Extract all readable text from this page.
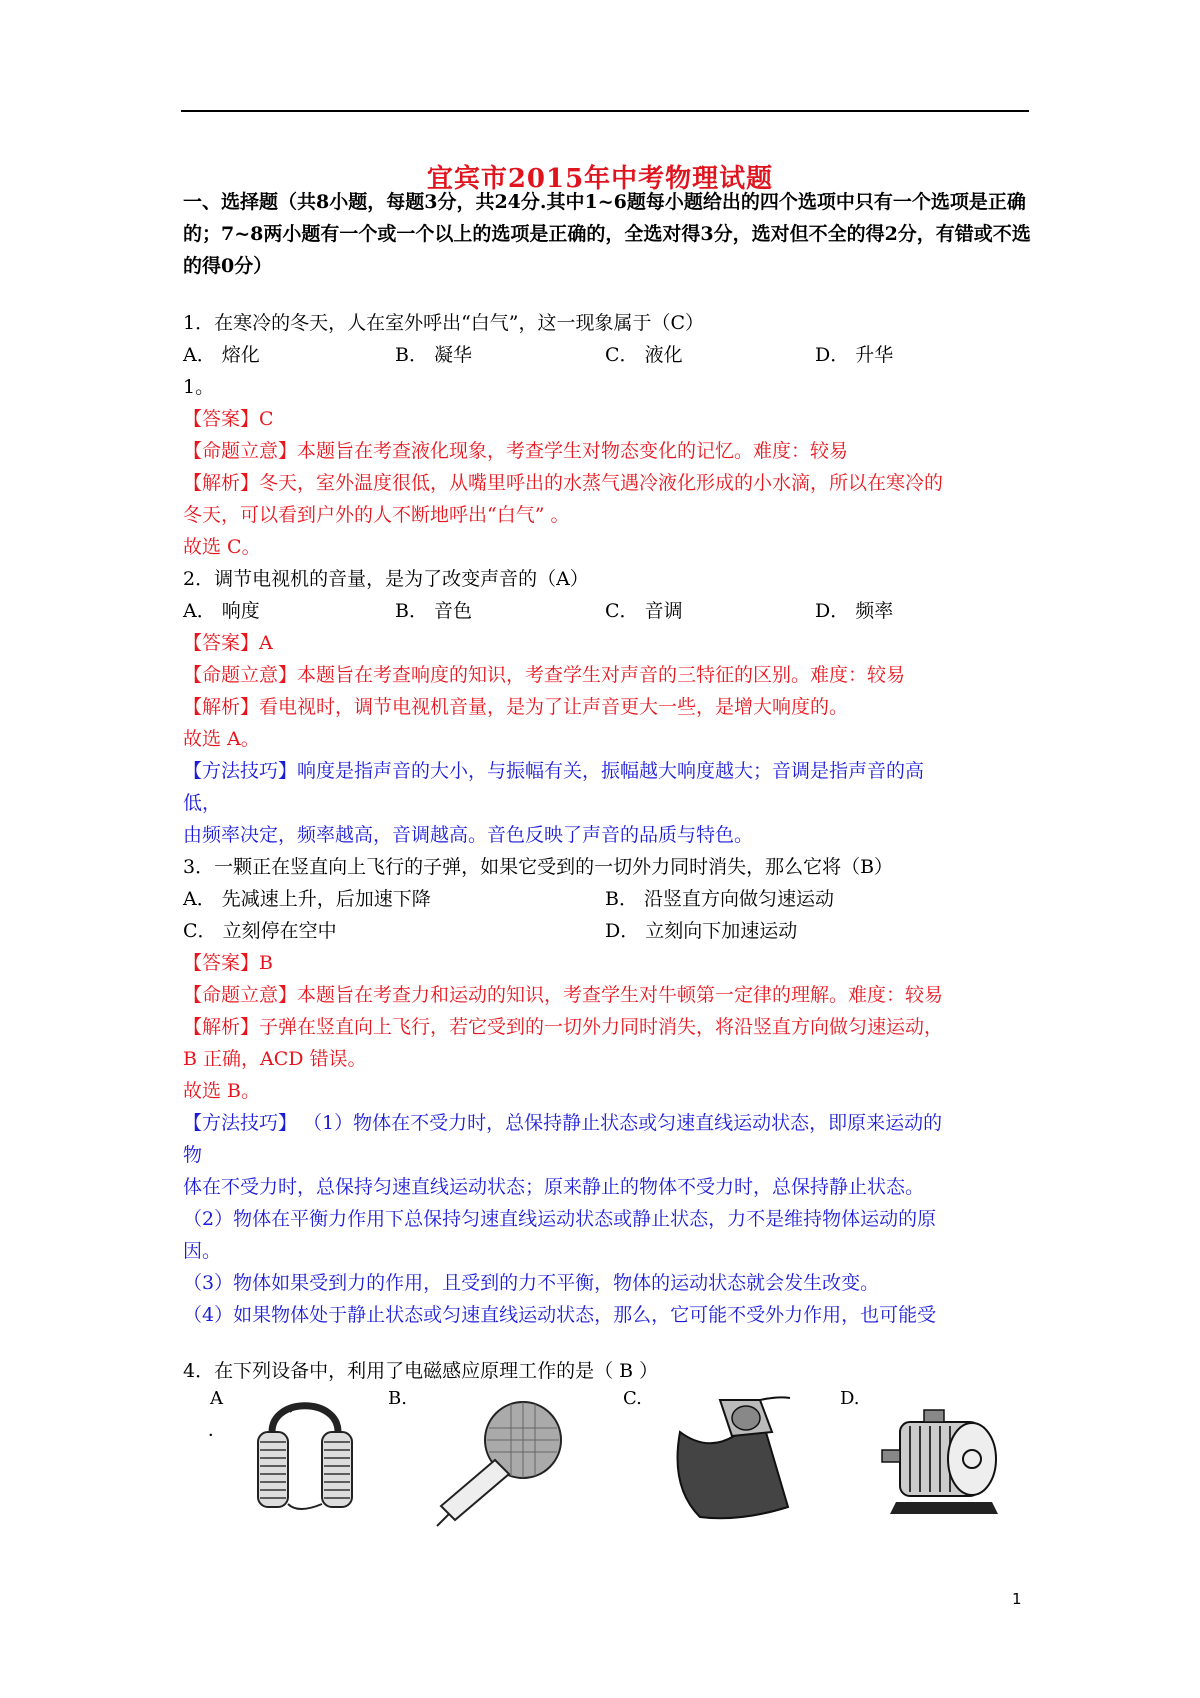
宜宾市2015年中考物理试题
一、选择题（共8小题，每题3分，共24分.其中1~6题每小题给出的四个选项中只有一个选项是正确的；7~8两小题有一个或一个以上的选项是正确的，全选对得3分，选对但不全的得2分，有错或不选的得0分）
1．在寒冷的冬天，人在室外呼出“白气”，这一现象属于（C）
A． 熔化	B． 凝华	C． 液化	D． 升华
1。
【答案】C
【命题立意】本题旨在考查液化现象，考查学生对物态变化的记忆。难度：较易
【解析】冬天，室外温度很低，从嘴里呼出的水蒸气遇冷液化形成的小水滴，所以在寒冷的
冬天，可以看到户外的人不断地呼出“白气” 。
故选 C。
2．调节电视机的音量，是为了改变声音的（A）
A． 响度	B． 音色	C． 音调	D． 频率
【答案】A
【命题立意】本题旨在考查响度的知识，考查学生对声音的三特征的区别。难度：较易
【解析】看电视时，调节电视机音量，是为了让声音更大一些，是增大响度的。
故选 A。
【方法技巧】响度是指声音的大小，与振幅有关，振幅越大响度越大；音调是指声音的高
低，
由频率决定，频率越高，音调越高。音色反映了声音的品质与特色。
3．一颗正在竖直向上飞行的子弹，如果它受到的一切外力同时消失，那么它将（B）
A． 先减速上升，后加速下降	B． 沿竖直方向做匀速运动
C． 立刻停在空中	D． 立刻向下加速运动
【答案】B
【命题立意】本题旨在考查力和运动的知识，考查学生对牛顿第一定律的理解。难度：较易
【解析】子弹在竖直向上飞行，若它受到的一切外力同时消失，将沿竖直方向做匀速运动，
B 正确，ACD 错误。
故选 B。
【方法技巧】 （1）物体在不受力时，总保持静止状态或匀速直线运动状态，即原来运动的
物
体在不受力时，总保持匀速直线运动状态；原来静止的物体不受力时，总保持静止状态。
（2）物体在平衡力作用下总保持匀速直线运动状态或静止状态，力不是维持物体运动的原
因。
（3）物体如果受到力的作用，且受到的力不平衡，物体的运动状态就会发生改变。
（4）如果物体处于静止状态或匀速直线运动状态，那么，它可能不受外力作用，也可能受
4．在下列设备中，利用了电磁感应原理工作的是（ B ）
A
．
B.	C.	D.
1
